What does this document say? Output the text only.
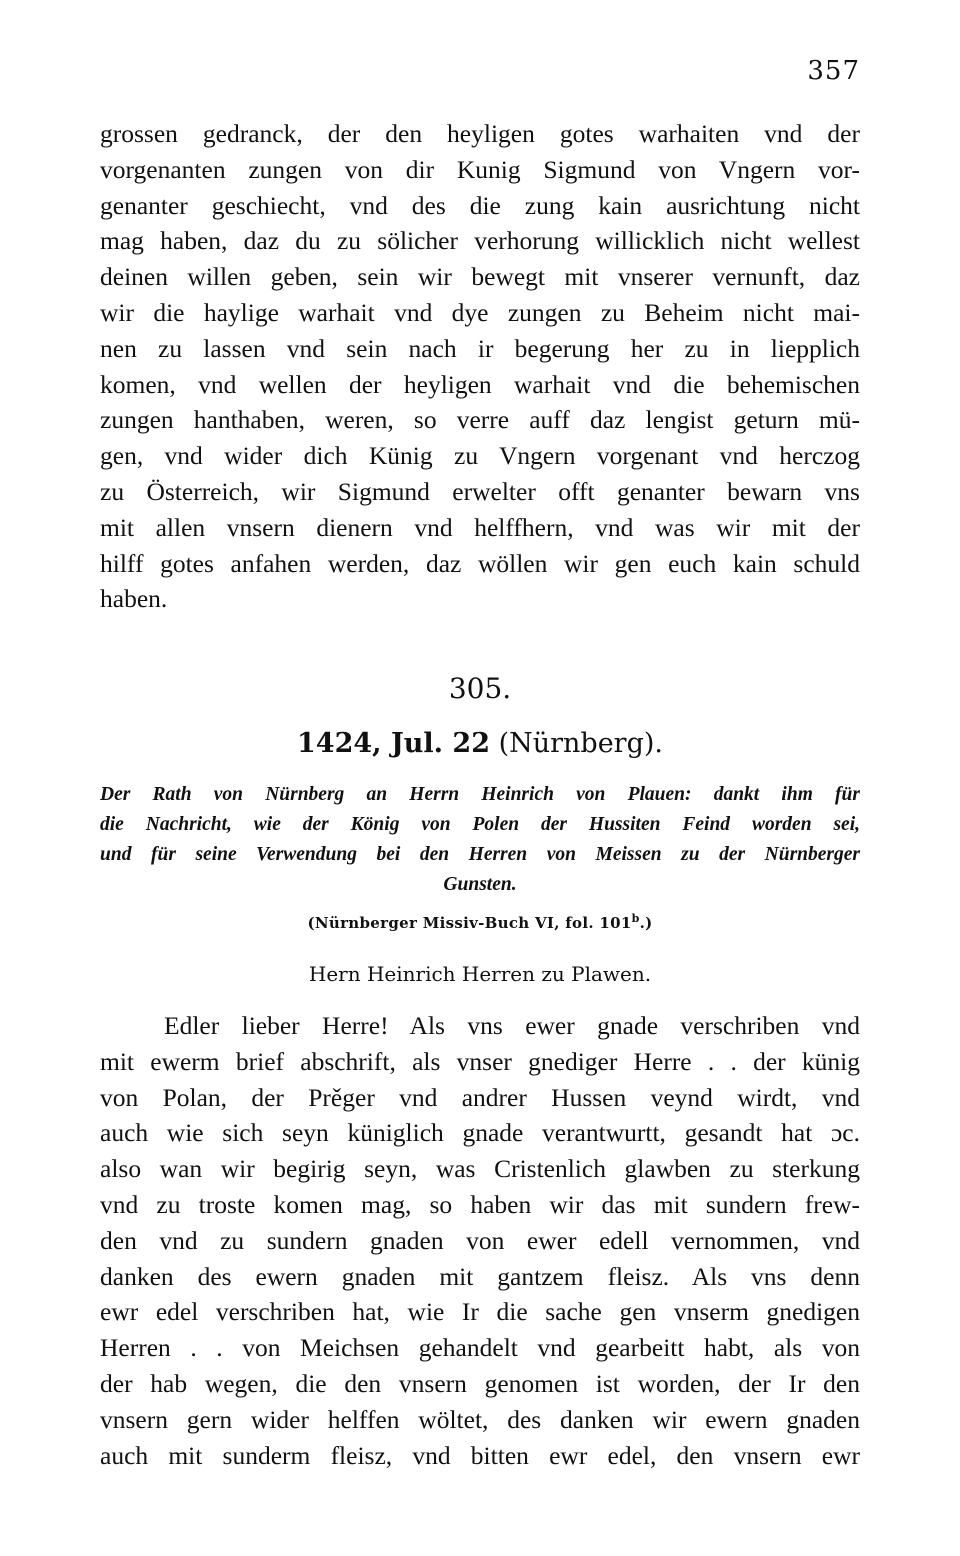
357
grossen gedranck, der den heyligen gotes warhaiten vnd der
vorgenanten zungen von dir Kunig Sigmund von Vngern vor-
genanter geschiecht, vnd des die zung kain ausrichtung nicht
mag haben, daz du zu sölicher verhorung willicklich nicht wellest
deinen willen geben, sein wir bewegt mit vnserer vernunft, daz
wir die haylige warhait vnd dye zungen zu Beheim nicht mai-
nen zu lassen vnd sein nach ir begerung her zu in liepplich
komen, vnd wellen der heyligen warhait vnd die behemischen
zungen hanthaben, weren, so verre auff daz lengist geturn mü-
gen, vnd wider dich Künig zu Vngern vorgenant vnd herczog
zu Österreich, wir Sigmund erwelter offt genanter bewarn vns
mit allen vnsern dienern vnd helffhern, vnd was wir mit der
hilff gotes anfahen werden, daz wöllen wir gen euch kain schuld
haben.
305.
1424, Jul. 22 (Nürnberg).
Der Rath von Nürnberg an Herrn Heinrich von Plauen: dankt ihm für
die Nachricht, wie der König von Polen der Hussiten Feind worden sei,
und für seine Verwendung bei den Herren von Meissen zu der Nürnberger
Gunsten.
(Nürnberger Missiv-Buch VI, fol. 101$^b$.)
Hern Heinrich Herren zu Plawen.
Edler lieber Herre! Als vns ewer gnade verschriben vnd
mit ewerm brief abschrift, als vnser gnediger Herre . . der künig
von Polan, der Prěger vnd andrer Hussen veynd wirdt, vnd
auch wie sich seyn küniglich gnade verantwurtt, gesandt hat ɔc.
also wan wir begirig seyn, was Cristenlich glawben zu sterkung
vnd zu troste komen mag, so haben wir das mit sundern frew-
den vnd zu sundern gnaden von ewer edell vernommen, vnd
danken des ewern gnaden mit gantzem fleisz. Als vns denn
ewr edel verschriben hat, wie Ir die sache gen vnserm gnedigen
Herren . . von Meichsen gehandelt vnd gearbeitt habt, als von
der hab wegen, die den vnsern genomen ist worden, der Ir den
vnsern gern wider helffen wöltet, des danken wir ewern gnaden
auch mit sunderm fleisz, vnd bitten ewr edel, den vnsern ewr
